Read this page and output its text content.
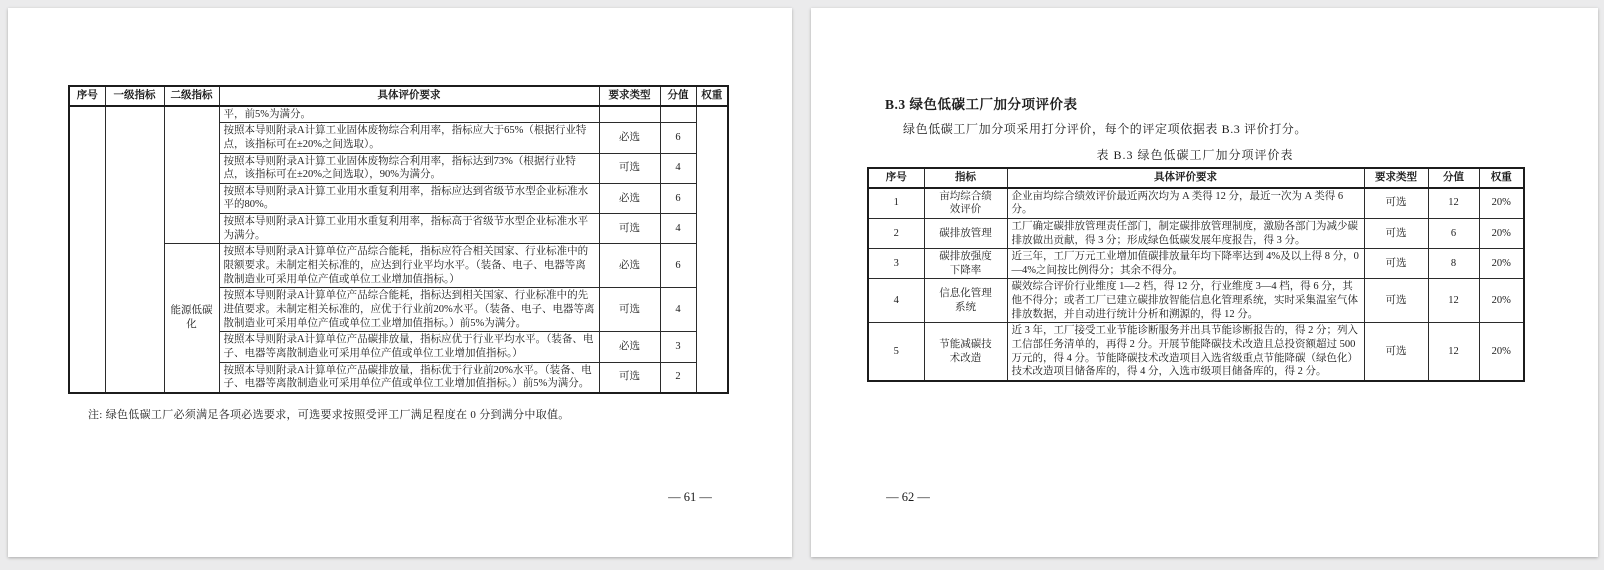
序号	一级指标	二级指标	具体评价要求	要求类型	分值	权重
			平，前5%为满分。			
			按照本导则附录A计算工业固体废物综合利用率，指标应大于65%（根据行业特点，该指标可在±20%之间选取）。	必选	6	
			按照本导则附录A计算工业固体废物综合利用率，指标达到73%（根据行业特点，该指标可在±20%之间选取），90%为满分。	可选	4	
			按照本导则附录A计算工业用水重复利用率，指标应达到省级节水型企业标准水平的80%。	必选	6	
			按照本导则附录A计算工业用水重复利用率，指标高于省级节水型企业标准水平为满分。	可选	4	
		能源低碳化	按照本导则附录A计算单位产品综合能耗，指标应符合相关国家、行业标准中的限额要求。未制定相关标准的，应达到行业平均水平。（装备、电子、电器等离散制造业可采用单位产值或单位工业增加值指标。）	必选	6	
			按照本导则附录A计算单位产品综合能耗，指标达到相关国家、行业标准中的先进值要求。未制定相关标准的，应优于行业前20%水平。（装备、电子、电器等离散制造业可采用单位产值或单位工业增加值指标。）前5%为满分。	可选	4	
			按照本导则附录A计算单位产品碳排放量，指标应优于行业平均水平。（装备、电子、电器等离散制造业可采用单位产值或单位工业增加值指标。）	必选	3	
			按照本导则附录A计算单位产品碳排放量，指标优于行业前20%水平。（装备、电子、电器等离散制造业可采用单位产值或单位工业增加值指标。）前5%为满分。	可选	2	
注: 绿色低碳工厂必须满足各项必选要求，可选要求按照受评工厂满足程度在 0 分到满分中取值。
— 61 —
B.3 绿色低碳工厂加分项评价表
绿色低碳工厂加分项采用打分评价，每个的评定项依据表 B.3 评价打分。
表 B.3 绿色低碳工厂加分项评价表
序号	指标	具体评价要求	要求类型	分值	权重
1	亩均综合绩效评价	企业亩均综合绩效评价最近两次均为 A 类得 12 分，最近一次为 A 类得 6 分。	可选	12	20%
2	碳排放管理	工厂确定碳排放管理责任部门，制定碳排放管理制度，激励各部门为减少碳排放做出贡献，得 3 分；形成绿色低碳发展年度报告，得 3 分。	可选	6	20%
3	碳排放强度下降率	近三年，工厂万元工业增加值碳排放量年均下降率达到 4%及以上得 8 分，0—4%之间按比例得分；其余不得分。	可选	8	20%
4	信息化管理系统	碳效综合评价行业维度 1—2 档，得 12 分，行业维度 3—4 档，得 6 分，其他不得分；或者工厂已建立碳排放智能信息化管理系统，实时采集温室气体排放数据，并自动进行统计分析和溯源的，得 12 分。	可选	12	20%
5	节能减碳技术改造	近 3 年，工厂接受工业节能诊断服务并出具节能诊断报告的，得 2 分；列入工信部任务清单的，再得 2 分。开展节能降碳技术改造且总投资额超过 500 万元的，得 4 分。节能降碳技术改造项目入选省级重点节能降碳（绿色化）技术改造项目储备库的，得 4 分，入选市级项目储备库的，得 2 分。	可选	12	20%
— 62 —
